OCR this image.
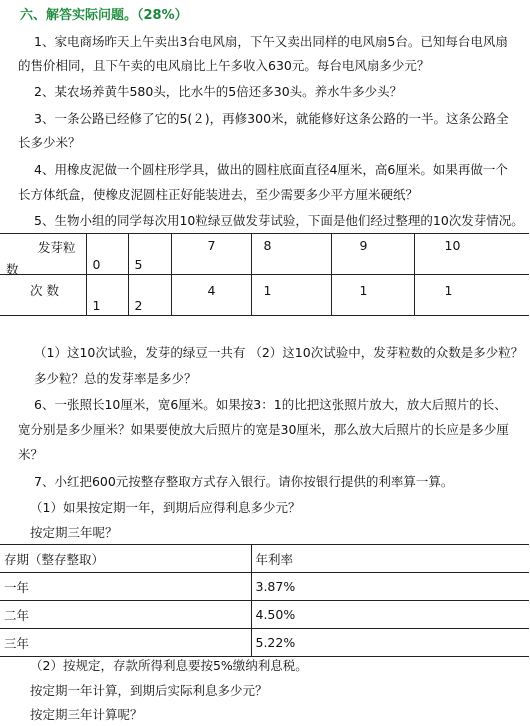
六、解答实际问题。（28%）
1、家电商场昨天上午卖出3台电风扇，下午又卖出同样的电风扇5台。已知每台电风扇
的售价相同，且下午卖的电风扇比上午多收入630元。每台电风扇多少元？
2、某农场养黄牛580头，比水牛的5倍还多30头。养水牛多少头？
3、一条公路已经修了它的5(２)，再修300米，就能修好这条公路的一半。这条公路全
长多少米？
4、用橡皮泥做一个圆柱形学具，做出的圆柱底面直径4厘米，高6厘米。如果再做一个
长方体纸盒，使橡皮泥圆柱正好能装进去，至少需要多少平方厘米硬纸？
5、生物小组的同学每次用10粒绿豆做发芽试验，下面是他们经过整理的10次发芽情况。
发芽粒
数	0	5	7	8	9	10

次 数	1	2	4	1	1	1
（1）这10次试验，发芽的绿豆一共有 （2）这10次试验中，发芽粒数的众数是多少粒？
多少粒？总的发芽率是多少？
6、一张照长10厘米，宽6厘米。如果按3：1的比把这张照片放大，放大后照片的长、
宽分别是多少厘米？如果要使放大后照片的宽是30厘米，那么放大后照片的长应是多少厘
米？
7、小红把600元按整存整取方式存入银行。请你按银行提供的利率算一算。
（1）如果按定期一年，到期后应得利息多少元？
按定期三年呢？
存期（整存整取）	年利率
一年	3.87%
二年	4.50%
三年	5.22%
（2）按规定，存款所得利息要按5%缴纳利息税。
按定期一年计算，到期后实际利息多少元？
按定期三年计算呢？
